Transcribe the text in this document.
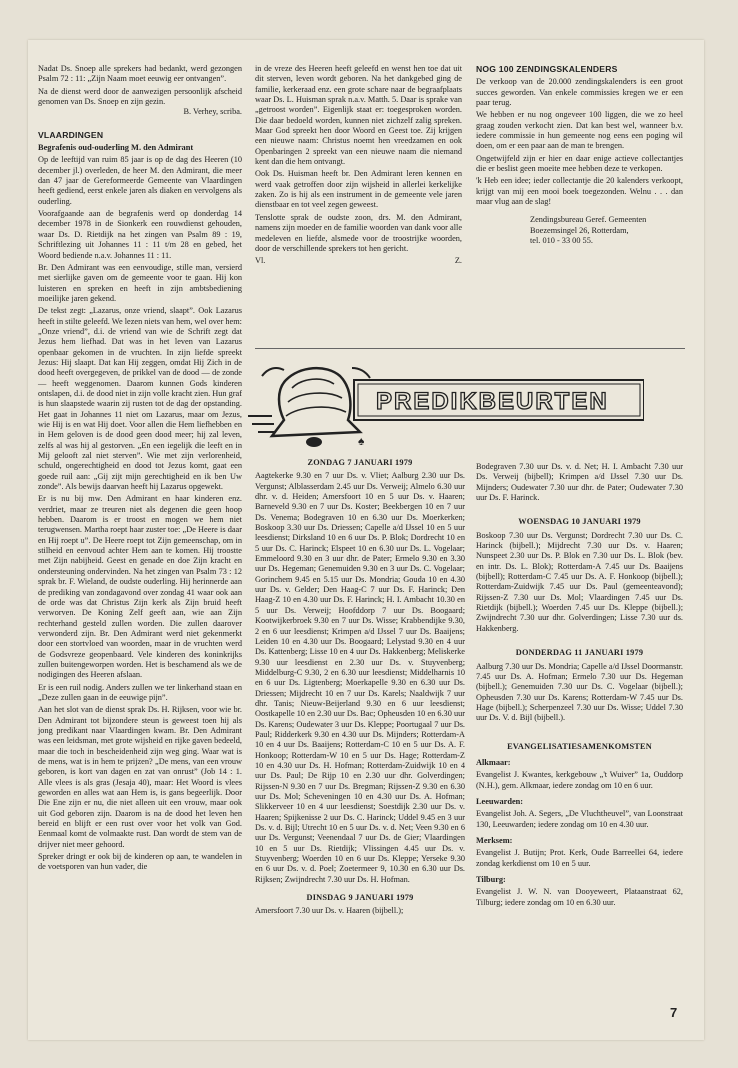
Nadat Ds. Snoep alle sprekers had bedankt, werd gezongen Psalm 72 : 11: „Zijn Naam moet eeuwig eer ontvangen”.

Na de dienst werd door de aanwezigen persoonlijk afscheid genomen van Ds. Snoep en zijn gezin.

B. Verhey, scriba.
VLAARDINGEN
Begrafenis oud-ouderling M. den Admirant

Op de leeftijd van ruim 85 jaar is op de dag des Heeren (10 december jl.) overleden, de heer M. den Admirant, die meer dan 47 jaar de Gereformeerde Gemeente van Vlaardingen heeft gediend, eerst enkele jaren als diaken en vervolgens als ouderling.

Voorafgaande aan de begrafenis werd op donderdag 14 december 1978 in de Sionkerk een rouwdienst gehouden, waar Ds. D. Rietdijk na het zingen van Psalm 89 : 19, Schriftlezing uit Johannes 11 : 11 t/m 28 en gebed, het Woord bediende n.a.v. Johannes 11 : 11.

Br. Den Admirant was een eenvoudige, stille man, versierd met sierlijke gaven om de gemeente voor te gaan. Hij kon luisteren en spreken en heeft in zijn ambtsbediening moeilijke jaren gekend.

De tekst zegt: „Lazarus, onze vriend, slaapt”. Ook Lazarus heeft in stilte geleefd. We lezen niets van hem, wel over hem: „Onze vriend”, d.i. de vriend van wie de Schrift zegt dat Jezus hem liefhad. Dat was in het leven van Lazarus openbaar gekomen in de vruchten. In zijn liefde spreekt Jezus: Hij slaapt. Dat kan Hij zeggen, omdat Hij Zich in de dood heeft overgegeven, de prikkel van de dood — de zonde — heeft weggenomen. Daarom kunnen Gods kinderen ontslapen, d.i. de dood niet in zijn volle kracht zien. Hun graf is hun slaapstede waarin zij rusten tot de dag der opstanding. Het gaat in Johannes 11 niet om Lazarus, maar om Jezus, wie Hij is en wat Hij doet. Voor allen die Hem liefhebben en in Hem geloven is de dood geen dood meer; hij zal leven, zelfs al was hij al gestorven. „En een iegelijk die leeft en in Mij gelooft zal niet sterven”. Wie met zijn verlorenheid, schuld, ongerechtigheid en dood tot Jezus komt, gaat een goede ruil aan: „Gij zijt mijn gerechtigheid en ik ben Uw zonde”. Als bewijs daarvan heeft hij Lazarus opgewekt.

Er is nu bij mw. Den Admirant en haar kinderen enz. verdriet, maar ze treuren niet als degenen die geen hoop hebben. Daarom is er troost en mogen we hem niet terugwensen. Martha roept haar zuster toe: „De Heere is daar en Hij roept u”. De Heere roept tot Zijn gemeenschap, om in stilheid en eenvoud achter Hem aan te komen. Hij troostte met Zijn nabijheid. Geest en genade en doe Zijn kracht en ondersteuning ondervinden. Na het zingen van Psalm 73 : 12 sprak br. F. Wieland, de oudste ouderling. Hij herinnerde aan de prediking van zondagavond over zondag 41 waar ook aan de orde was dat Christus Zijn kerk als Zijn bruid heeft verworven. De Koning Zelf geeft aan, wie aan Zijn rechterhand gesteld zullen worden. Die zullen daarover verwonderd zijn. Br. Den Admirant werd niet gekenmerkt door een stortvloed van woorden, maar in de vruchten werd de Godsvreze geopenbaard. Vele kinderen des koninkrijks zullen buitengeworpen worden. Het is beschamend als we de nodigingen des Heeren afslaan.

Er is een ruil nodig. Anders zullen we ter linkerhand staan en „Deze zullen gaan in de eeuwige pijn”.

Aan het slot van de dienst sprak Ds. H. Rijksen, voor wie br. Den Admirant tot bijzondere steun is geweest toen hij als jong predikant naar Vlaardingen kwam. Br. Den Admirant was een leidsman, met grote wijsheid en rijke gaven bedeeld, maar die toch in bescheidenheid zijn weg ging. Waar wat is de mens, wat is in hem te prijzen? „De mens, van een vrouw geboren, is kort van dagen en zat van onrust” (Job 14 : 1. Alle vlees is als gras (Jesaja 40), maar: Het Woord is vlees geworden en alles wat aan Hem is, is gans begeerlijk. Door Die Ene zijn er nu, die niet alleen uit een vrouw, maar ook uit God geboren zijn. Daarom is na de dood het leven hen bereid en blijft er een rust over voor het volk van God. Eenmaal komt de volmaakte rust. Dan wordt de stem van de drijver niet meer gehoord.

Spreker dringt er ook bij de kinderen op aan, te wandelen in de voetsporen van hun vader, die

in de vreze des Heeren heeft geleefd en wenst hen toe dat uit dit sterven, leven wordt geboren. Na het dankgebed ging de familie, kerkeraad enz. een grote schare naar de begraafplaats waar Ds. L. Huisman sprak n.a.v. Matth. 5. Daar is sprake van „getroost worden”. Eigenlijk staat er: toegesproken worden. Die daar bedoeld worden, kunnen niet zichzelf zalig spreken. Maar God spreekt hen door Woord en Geest toe. Zij krijgen een nieuwe naam: Christus noemt hen vreedzamen en ook Openbaringen 2 spreekt van een nieuwe naam die niemand kent dan die hem ontvangt.

Ook Ds. Huisman heeft br. Den Admirant leren kennen en werd vaak getroffen door zijn wijsheid in allerlei kerkelijke zaken. Zo is hij als een instrument in de gemeente vele jaren dienstbaar en tot veel zegen geweest.

Tenslotte sprak de oudste zoon, drs. M. den Admirant, namens zijn moeder en de familie woorden van dank voor alle medeleven en liefde, alsmede voor de troostrijke woorden, door de verschillende sprekers tot hen gericht.

Vl.	Z.
NOG 100 ZENDINGSKALENDERS

De verkoop van de 20.000 zendingskalenders is een groot succes geworden. Van enkele commissies kregen we er een paar terug.

We hebben er nu nog ongeveer 100 liggen, die we zo heel graag zouden verkocht zien. Dat kan best wel, wanneer b.v. iedere commissie in hun gemeente nog eens een poging wil doen, om er een paar aan de man te brengen.

Ongetwijfeld zijn er hier en daar enige actieve collectantjes die er beslist geen moeite mee hebben deze te verkopen.

'k Heb een idee; ieder collectantje die 20 kalenders verkoopt, krijgt van mij een mooi boek toegezonden. Welnu . . . dan maar vlug aan de slag!

Zendingsbureau Geref. Gemeenten
Boezemsingel 26, Rotterdam,
tel. 010 - 33 00 55.
PREDIKBEURTEN
♠

ZONDAG 7 JANUARI 1979

Aagtekerke 9.30 en 7 uur Ds. v. Vliet; Aalburg 2.30 uur Ds. Vergunst; Alblasserdam 2.45 uur Ds. Verweij; Almelo 6.30 uur dhr. v. d. Heiden; Amersfoort 10 en 5 uur Ds. v. Haaren; Barneveld 9.30 en 7 uur Ds. Koster; Beekbergen 10 en 7 uur Ds. Venema; Bodegraven 10 en 6.30 uur Ds. Moerkerken; Boskoop 3.30 uur Ds. Driessen; Capelle a/d IJssel 10 en 5 uur leesdienst; Dirksland 10 en 6 uur Ds. P. Blok; Dordrecht 10 en 5 uur Ds. C. Harinck; Elspeet 10 en 6.30 uur Ds. L. Vogelaar; Emmeloord 9.30 en 3 uur dhr. de Pater; Ermelo 9.30 en 3.30 uur Ds. Hegeman; Genemuiden 9.30 en 3 uur Ds. C. Vogelaar; Gorinchem 9.45 en 5.15 uur Ds. Mondria; Gouda 10 en 4.30 uur Ds. v. Gelder; Den Haag-C 7 uur Ds. F. Harinck; Den Haag-Z 10 en 4.30 uur Ds. F. Harinck; H. I. Ambacht 10.30 en 5 uur Ds. Verweij; Hoofddorp 7 uur Ds. Boogaard; Kootwijkerbroek 9.30 en 7 uur Ds. Wisse; Krabbendijke 9.30, 2 en 6 uur leesdienst; Krimpen a/d IJssel 7 uur Ds. Baaijens; Leiden 10 en 4.30 uur Ds. Boogaard; Lelystad 9.30 en 4 uur Ds. Kattenberg; Lisse 10 en 4 uur Ds. Hakkenberg; Meliskerke 9.30 uur leesdienst en 2.30 uur Ds. v. Stuyvenberg; Middelburg-C 9.30, 2 en 6.30 uur leesdienst; Middelharnis 10 en 6 uur Ds. Ligtenberg; Moerkapelle 9.30 en 6.30 uur Ds. Driessen; Mijdrecht 10 en 7 uur Ds. Karels; Naaldwijk 7 uur dhr. Tanis; Nieuw-Beijerland 9.30 en 6 uur leesdienst; Oostkapelle 10 en 2.30 uur Ds. Bac; Opheusden 10 en 6.30 uur Ds. Karens; Oudewater 3 uur Ds. Kleppe; Poortugaal 7 uur Ds. Paul; Ridderkerk 9.30 en 4.30 uur Ds. Mijnders; Rotterdam-A 10 en 4 uur Ds. Baaijens; Rotterdam-C 10 en 5 uur Ds. A. F. Honkoop; Rotterdam-W 10 en 5 uur Ds. Hage; Rotterdam-Z 10 en 4.30 uur Ds. H. Hofman; Rotterdam-Zuidwijk 10 en 4 uur Ds. Paul; De Rijp 10 en 2.30 uur dhr. Golverdingen; Rijssen-N 9.30 en 7 uur Ds. Bregman; Rijssen-Z 9.30 en 6.30 uur Ds. Mol; Scheveningen 10 en 4.30 uur Ds. A. Hofman; Slikkerveer 10 en 4 uur leesdienst; Soestdijk 2.30 uur Ds. v. Haaren; Spijkenisse 2 uur Ds. C. Harinck; Uddel 9.45 en 3 uur Ds. v. d. Bijl; Utrecht 10 en 5 uur Ds. v. d. Net; Veen 9.30 en 6 uur Ds. Vergunst; Veenendaal 7 uur Ds. de Gier; Vlaardingen 10 en 5 uur Ds. Rietdijk; Vlissingen 4.45 uur Ds. v. Stuyvenberg; Woerden 10 en 6 uur Ds. Kleppe; Yerseke 9.30 en 6 uur Ds. v. d. Poel; Zoetermeer 9, 10.30 en 6.30 uur Ds. Rijksen; Zwijndrecht 7.30 uur Ds. H. Hofman.

DINSDAG 9 JANUARI 1979

Amersfoort 7.30 uur Ds. v. Haaren (bijbell.);

Bodegraven 7.30 uur Ds. v. d. Net; H. I. Ambacht 7.30 uur Ds. Verweij (bijbell); Krimpen a/d IJssel 7.30 uur Ds. Mijnders; Oudewater 7.30 uur dhr. de Pater; Oudewater 7.30 uur Ds. F. Harinck.

WOENSDAG 10 JANUARI 1979

Boskoop 7.30 uur Ds. Vergunst; Dordrecht 7.30 uur Ds. C. Harinck (bijbell.); Mijdrecht 7.30 uur Ds. v. Haaren; Nunspeet 2.30 uur Ds. P. Blok en 7.30 uur Ds. L. Blok (bev. en intr. Ds. L. Blok); Rotterdam-A 7.45 uur Ds. Baaijens (bijbell); Rotterdam-C 7.45 uur Ds. A. F. Honkoop (bijbell.); Rotterdam-Zuidwijk 7.45 uur Ds. Paul (gemeenteavond); Rijssen-Z 7.30 uur Ds. Mol; Vlaardingen 7.45 uur Ds. Rietdijk (bijbell.); Woerden 7.45 uur Ds. Kleppe (bijbell.); Zwijndrecht 7.30 uur dhr. Golverdingen; Lisse 7.30 uur ds. Hakkenberg.

DONDERDAG 11 JANUARI 1979

Aalburg 7.30 uur Ds. Mondria; Capelle a/d IJssel Doormanstr. 7.45 uur Ds. A. Hofman; Ermelo 7.30 uur Ds. Hegeman (bijbell.); Genemuiden 7.30 uur Ds. C. Vogelaar (bijbell.); Opheusden 7.30 uur Ds. Karens; Rotterdam-W 7.45 uur Ds. Hage (bijbell.); Scherpenzeel 7.30 uur Ds. Wisse; Uddel 7.30 uur Ds. V. d. Bijl (bijbell.).

EVANGELISATIESAMENKOMSTEN

Alkmaar:

Evangelist J. Kwantes, kerkgebouw „'t Wuiver” 1a, Ouddorp (N.H.), gem. Alkmaar, iedere zondag om 10 en 6 uur.

Leeuwarden:

Evangelist Joh. A. Segers, „De Vluchtheuvel”, van Loonstraat 130, Leeuwarden; iedere zondag om 10 en 4.30 uur.

Merksem:

Evangelist J. Butijn; Prot. Kerk, Oude Barreellei 64, iedere zondag kerkdienst om 10 en 5 uur.

Tilburg:

Evangelist J. W. N. van Dooyeweert, Plataanstraat 62, Tilburg; iedere zondag om 10 en 6.30 uur.

7
